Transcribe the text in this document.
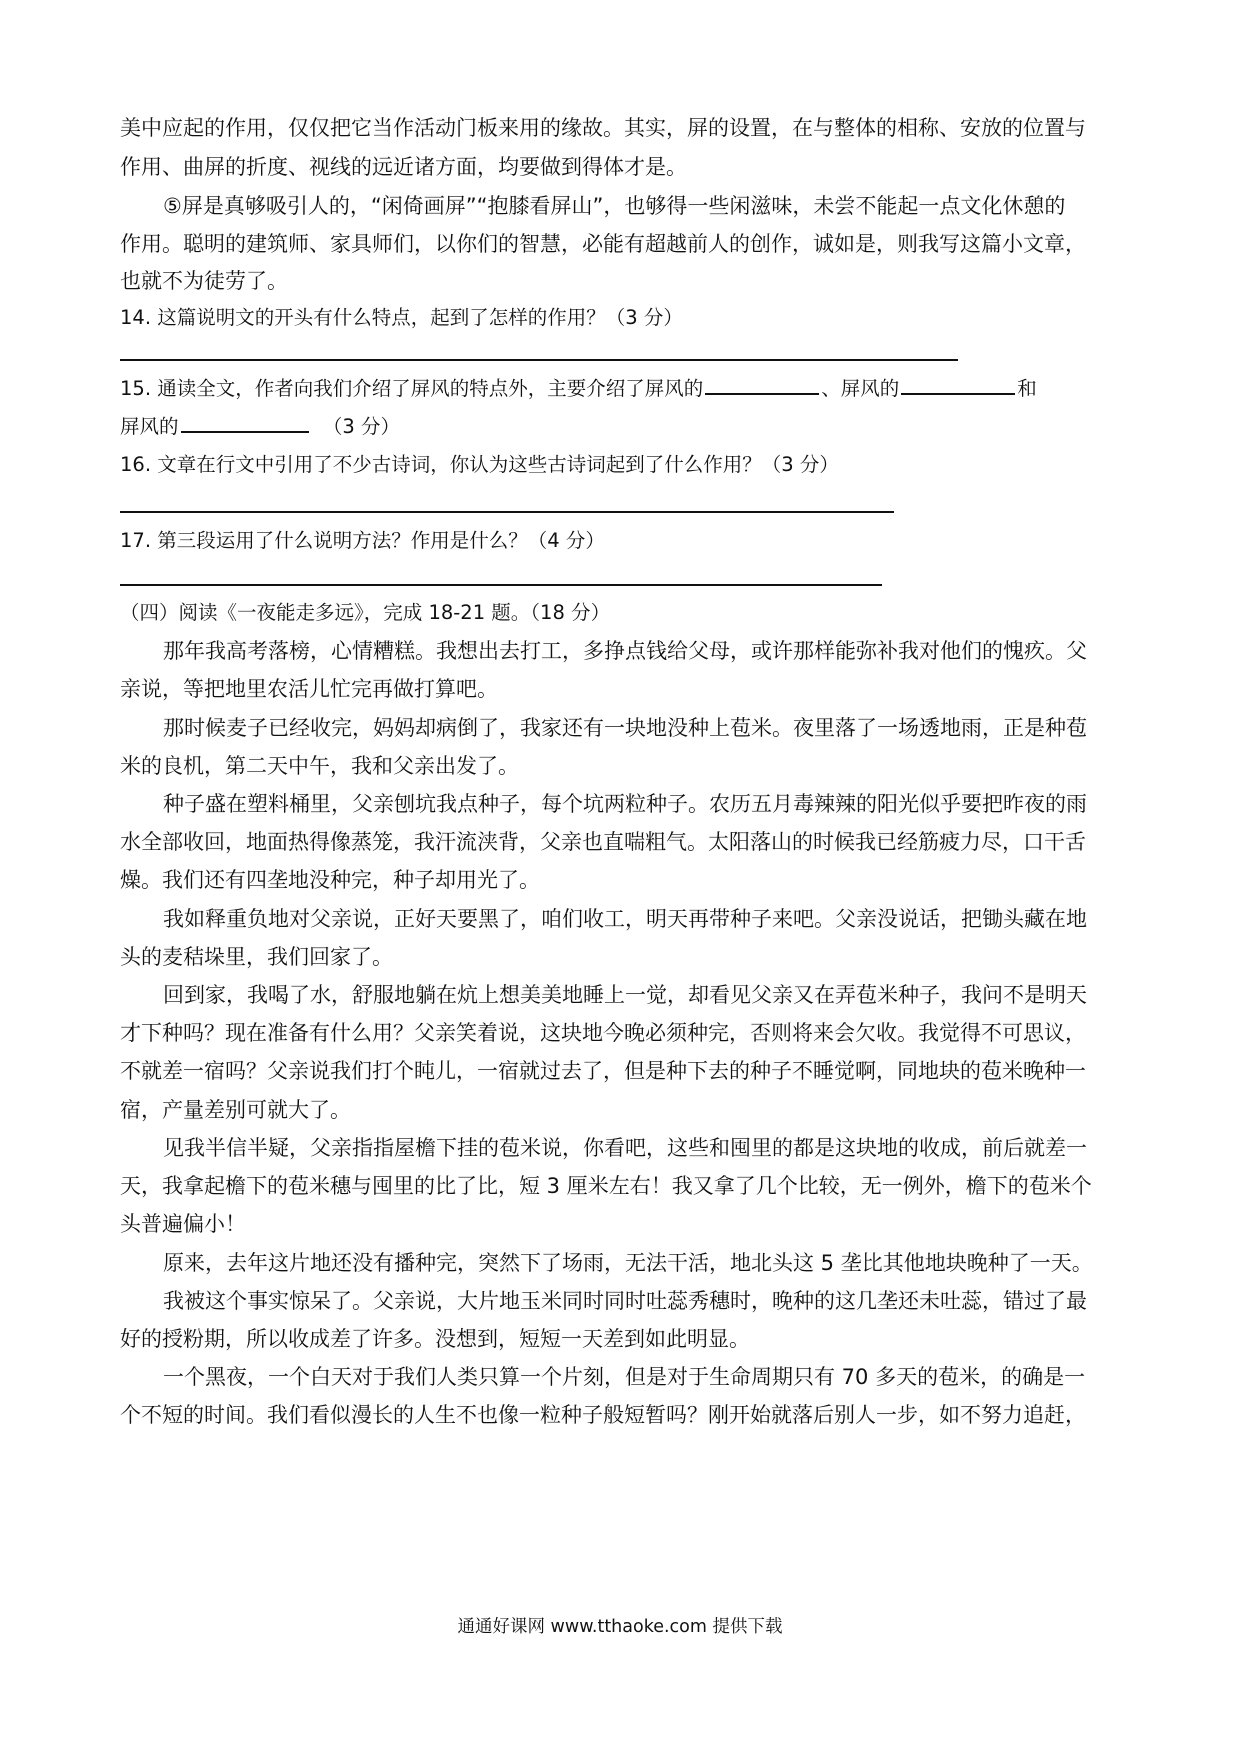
美中应起的作用，仅仅把它当作活动门板来用的缘故。其实，屏的设置，在与整体的相称、安放的位置与
作用、曲屏的折度、视线的远近诸方面，均要做到得体才是。
⑤屏是真够吸引人的，“闲倚画屏”“抱膝看屏山”，也够得一些闲滋味，未尝不能起一点文化休憩的
作用。聪明的建筑师、家具师们，以你们的智慧，必能有超越前人的创作，诚如是，则我写这篇小文章，
也就不为徒劳了。
14. 这篇说明文的开头有什么特点，起到了怎样的作用？（3 分）
15. 通读全文，作者向我们介绍了屏风的特点外，主要介绍了屏风的	、屏风的	和
屏风的	（3 分）
16. 文章在行文中引用了不少古诗词，你认为这些古诗词起到了什么作用？（3 分）
17. 第三段运用了什么说明方法？作用是什么？（4 分）
（四）阅读《一夜能走多远》，完成 18-21 题。（18 分）
那年我高考落榜，心情糟糕。我想出去打工，多挣点钱给父母，或许那样能弥补我对他们的愧疚。父
亲说，等把地里农活儿忙完再做打算吧。
那时候麦子已经收完，妈妈却病倒了，我家还有一块地没种上苞米。夜里落了一场透地雨，正是种苞
米的良机，第二天中午，我和父亲出发了。
种子盛在塑料桶里，父亲刨坑我点种子，每个坑两粒种子。农历五月毒辣辣的阳光似乎要把昨夜的雨
水全部收回，地面热得像蒸笼，我汗流浃背，父亲也直喘粗气。太阳落山的时候我已经筋疲力尽，口干舌
燥。我们还有四垄地没种完，种子却用光了。
我如释重负地对父亲说，正好天要黑了，咱们收工，明天再带种子来吧。父亲没说话，把锄头藏在地
头的麦秸垛里，我们回家了。
回到家，我喝了水，舒服地躺在炕上想美美地睡上一觉，却看见父亲又在弄苞米种子，我问不是明天
才下种吗？现在准备有什么用？父亲笑着说，这块地今晚必须种完，否则将来会欠收。我觉得不可思议，
不就差一宿吗？父亲说我们打个盹儿，一宿就过去了，但是种下去的种子不睡觉啊，同地块的苞米晚种一
宿，产量差别可就大了。
见我半信半疑，父亲指指屋檐下挂的苞米说，你看吧，这些和囤里的都是这块地的收成，前后就差一
天，我拿起檐下的苞米穗与囤里的比了比，短 3 厘米左右！我又拿了几个比较，无一例外，檐下的苞米个
头普遍偏小！
原来，去年这片地还没有播种完，突然下了场雨，无法干活，地北头这 5 垄比其他地块晚种了一天。
我被这个事实惊呆了。父亲说，大片地玉米同时同时吐蕊秀穗时，晚种的这几垄还未吐蕊，错过了最
好的授粉期，所以收成差了许多。没想到，短短一天差到如此明显。
一个黑夜，一个白天对于我们人类只算一个片刻，但是对于生命周期只有 70 多天的苞米，的确是一
个不短的时间。我们看似漫长的人生不也像一粒种子般短暂吗？刚开始就落后别人一步，如不努力追赶，
通通好课网 www.tthaoke.com 提供下载
